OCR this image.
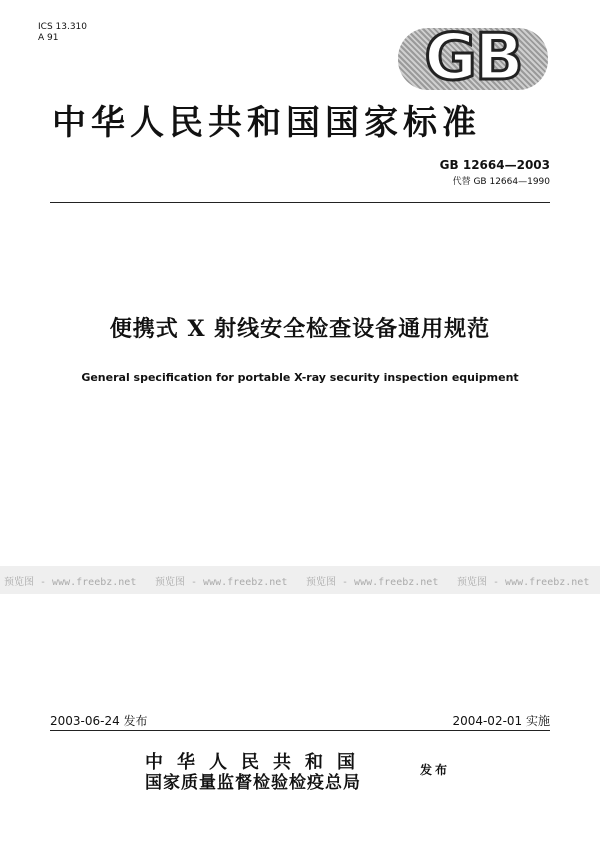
ICS 13.310
A 91	GB
中华人民共和国国家标准
GB 12664—2003
代替 GB 12664—1990
便携式 X 射线安全检查设备通用规范
General specification for portable X-ray security inspection equipment
预览图 - www.freebz.net 预览图 - www.freebz.net 预览图 - www.freebz.net 预览图 - www.freebz.net
2003-06-24 发布	2004-02-01 实施
中华人民共和国
国家质量监督检验检疫总局
发布
